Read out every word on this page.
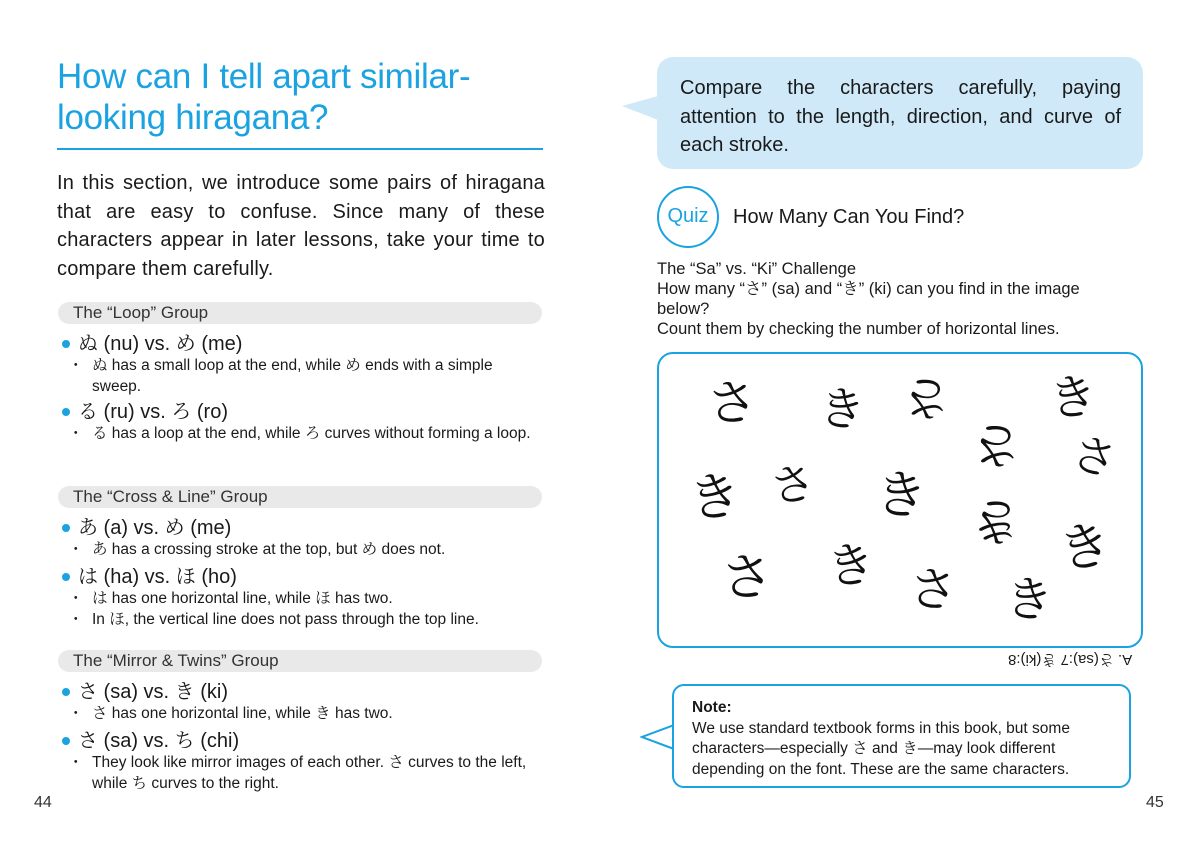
How can I tell apart similar-looking hiragana?

In this section, we introduce some pairs of hiragana that are easy to confuse. Since many of these characters appear in later lessons, take your time to compare them carefully.

The “Loop” Group
ぬ (nu) vs. め (me)

・ ぬ has a small loop at the end, while め ends with a simple sweep.

る (ru) vs. ろ (ro)

・ る has a loop at the end, while ろ curves without forming a loop.

The “Cross & Line” Group
あ (a) vs. め (me)

・ あ has a crossing stroke at the top, but め does not.

は (ha) vs. ほ (ho)

・ は has one horizontal line, while ほ has two.

・ In ほ, the vertical line does not pass through the top line.

The “Mirror & Twins” Group
さ (sa) vs. き (ki)

・ さ has one horizontal line, while き has two.

さ (sa) vs. ち (chi)

・ They look like mirror images of each other. さ curves to the left, while ち curves to the right.

44
Compare the characters carefully, paying attention to the length, direction, and curve of each stroke.
Quiz	How Many Can You Find?
The “Sa” vs. “Ki” Challenge
How many “さ” (sa) and “き” (ki) can you find in the image
below?
Count them by checking the number of horizontal lines.
さ き さ き
さ さ
き さ き き き
さ き さ き
A. さ(sa):7 き(ki):8
Note:
We use standard textbook forms in this book, but some characters—especially さ and き—may look different depending on the font. These are the same characters.
45
